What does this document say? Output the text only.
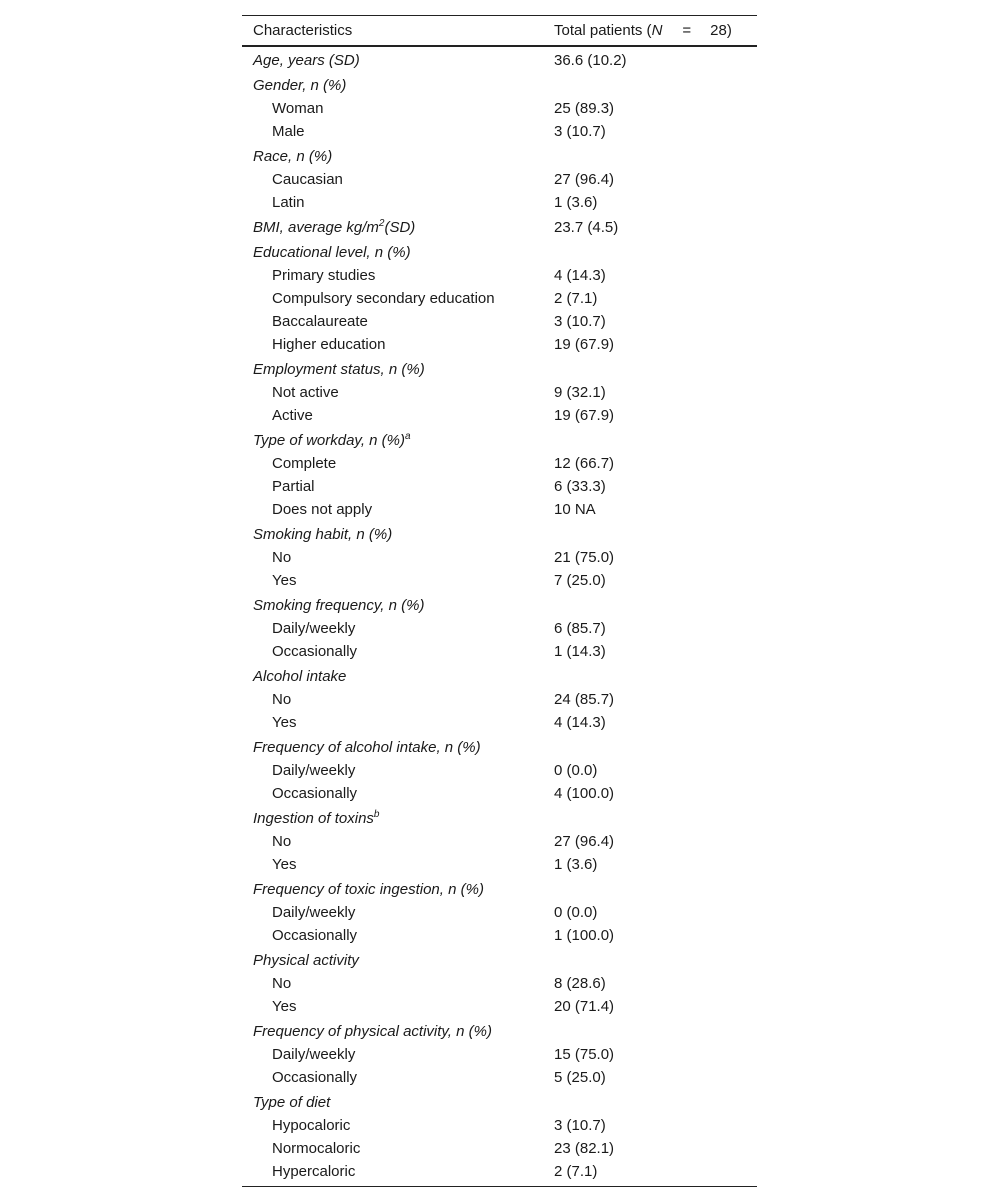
Characteristics	Total patients (N = 28)
Age, years (SD)	36.6 (10.2)
Gender, n (%)
Woman	25 (89.3)
Male	3 (10.7)
Race, n (%)
Caucasian	27 (96.4)
Latin	1 (3.6)
BMI, average $kg/m^2(SD)$	23.7 (4.5)
Educational level, n (%)
Primary studies	4 (14.3)
Compulsory secondary education	2 (7.1)
Baccalaureate	3 (10.7)
Higher education	19 (67.9)
Employment status, n (%)
Not active	9 (32.1)
Active	19 (67.9)
Type of workday, n (%)$^a$
Complete	12 (66.7)
Partial	6 (33.3)
Does not apply	10 NA
Smoking habit, n (%)
No	21 (75.0)
Yes	7 (25.0)
Smoking frequency, n (%)
Daily/weekly	6 (85.7)
Occasionally	1 (14.3)
Alcohol intake
No	24 (85.7)
Yes	4 (14.3)
Frequency of alcohol intake, n (%)
Daily/weekly	0 (0.0)
Occasionally	4 (100.0)
Ingestion of toxins$^b$
No	27 (96.4)
Yes	1 (3.6)
Frequency of toxic ingestion, n (%)
Daily/weekly	0 (0.0)
Occasionally	1 (100.0)
Physical activity
No	8 (28.6)
Yes	20 (71.4)
Frequency of physical activity, n (%)
Daily/weekly	15 (75.0)
Occasionally	5 (25.0)
Type of diet
Hypocaloric	3 (10.7)
Normocaloric	23 (82.1)
Hypercaloric	2 (7.1)
